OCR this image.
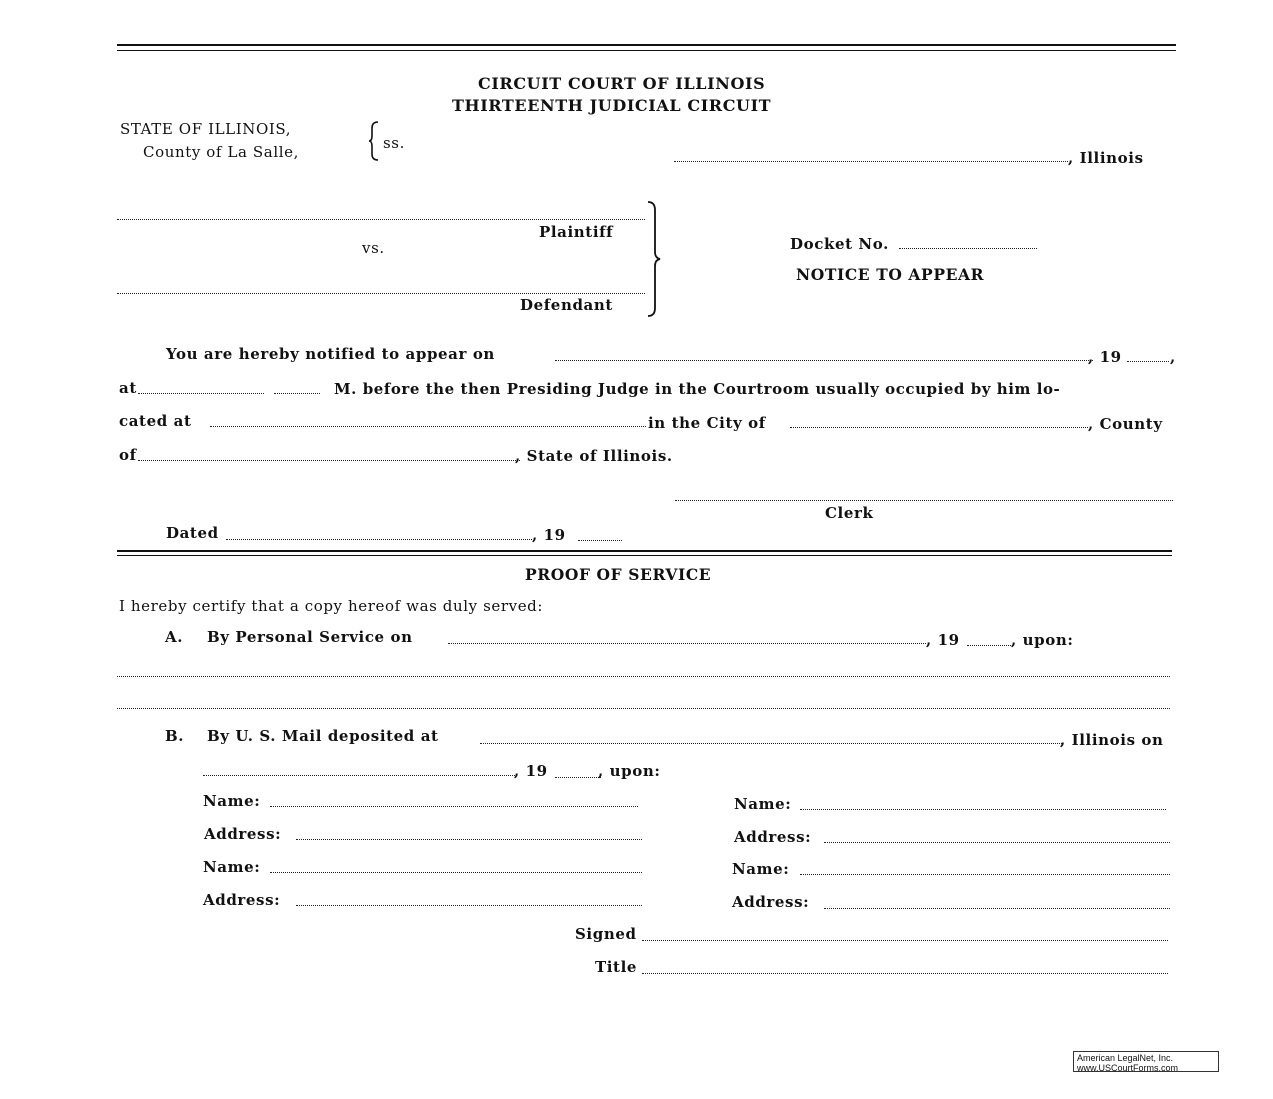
CIRCUIT COURT OF ILLINOIS
THIRTEENTH JUDICIAL CIRCUIT
STATE OF ILLINOIS,
County of La Salle,	ss.
, Illinois
Plaintiff
vs.
Defendant
Docket No.
NOTICE TO APPEAR
You are hereby notified to appear on	, 19	,
at	M. before the then Presiding Judge in the Courtroom usually occupied by him lo-
cated at	in the City of	, County
of	, State of Illinois.
Clerk
Dated	, 19
PROOF OF SERVICE
I hereby certify that a copy hereof was duly served:
A. By Personal Service on	, 19	, upon:
B. By U. S. Mail deposited at	, Illinois on
, 19	, upon:
Name:
Address:
Name:
Address:
Name:
Address:
Name:
Address:
Signed
Title
American LegalNet, Inc.
www.USCourtForms.com
